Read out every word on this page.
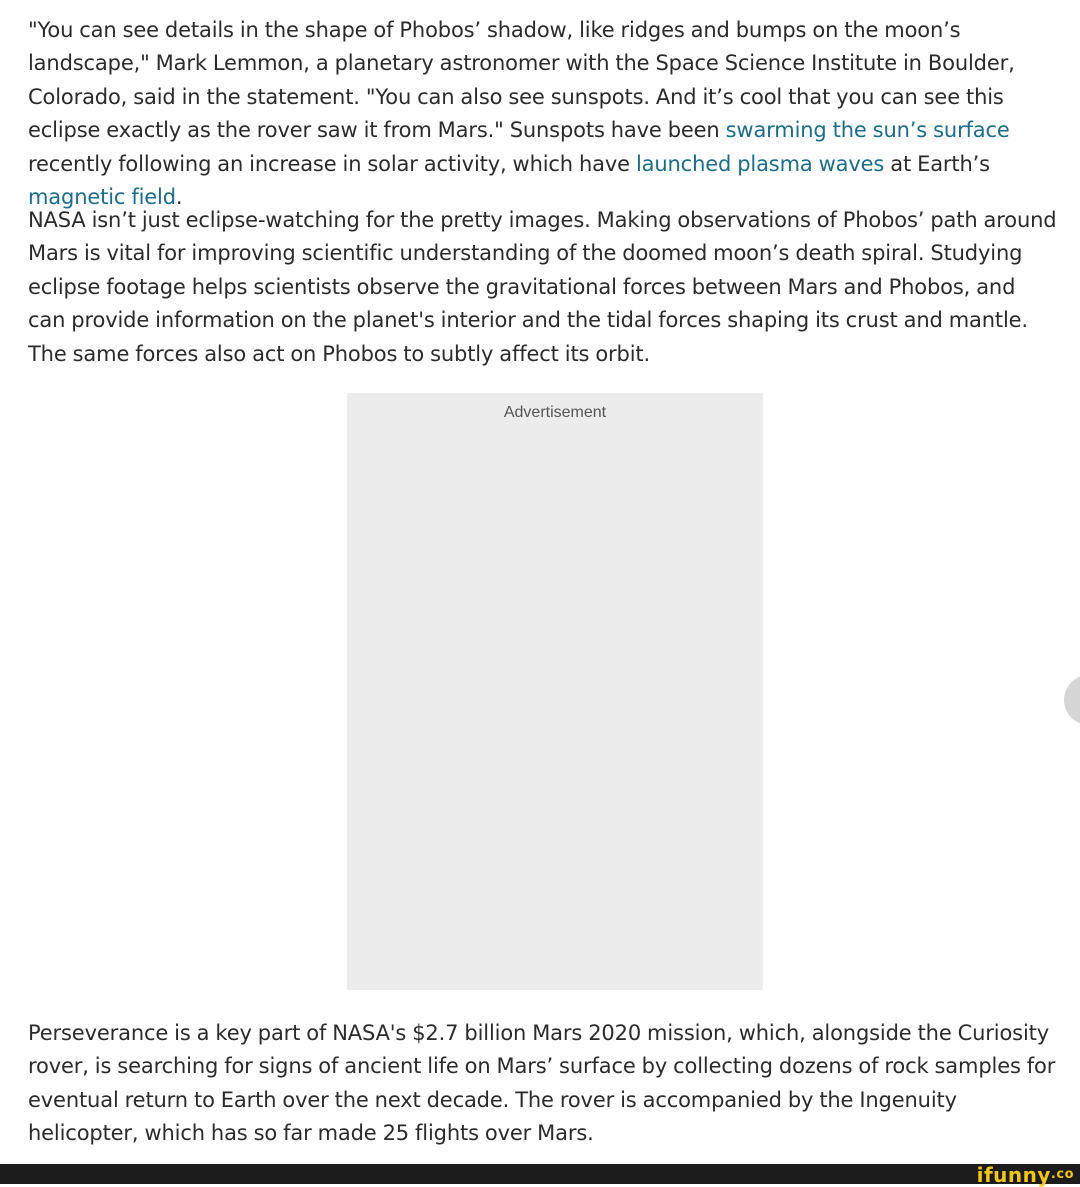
"You can see details in the shape of Phobos’ shadow, like ridges and bumps on the moon’s landscape," Mark Lemmon, a planetary astronomer with the Space Science Institute in Boulder, Colorado, said in the statement. "You can also see sunspots. And it’s cool that you can see this eclipse exactly as the rover saw it from Mars." Sunspots have been swarming the sun’s surface recently following an increase in solar activity, which have launched plasma waves at Earth’s magnetic field.

NASA isn’t just eclipse-watching for the pretty images. Making observations of Phobos’ path around Mars is vital for improving scientific understanding of the doomed moon’s death spiral. Studying eclipse footage helps scientists observe the gravitational forces between Mars and Phobos, and can provide information on the planet's interior and the tidal forces shaping its crust and mantle. The same forces also act on Phobos to subtly affect its orbit.

Perseverance is a key part of NASA's $2.7 billion Mars 2020 mission, which, alongside the Curiosity rover, is searching for signs of ancient life on Mars’ surface by collecting dozens of rock samples for eventual return to Earth over the next decade. The rover is accompanied by the Ingenuity helicopter, which has so far made 25 flights over Mars.

Advertisement
ifunny$^{.co}$
